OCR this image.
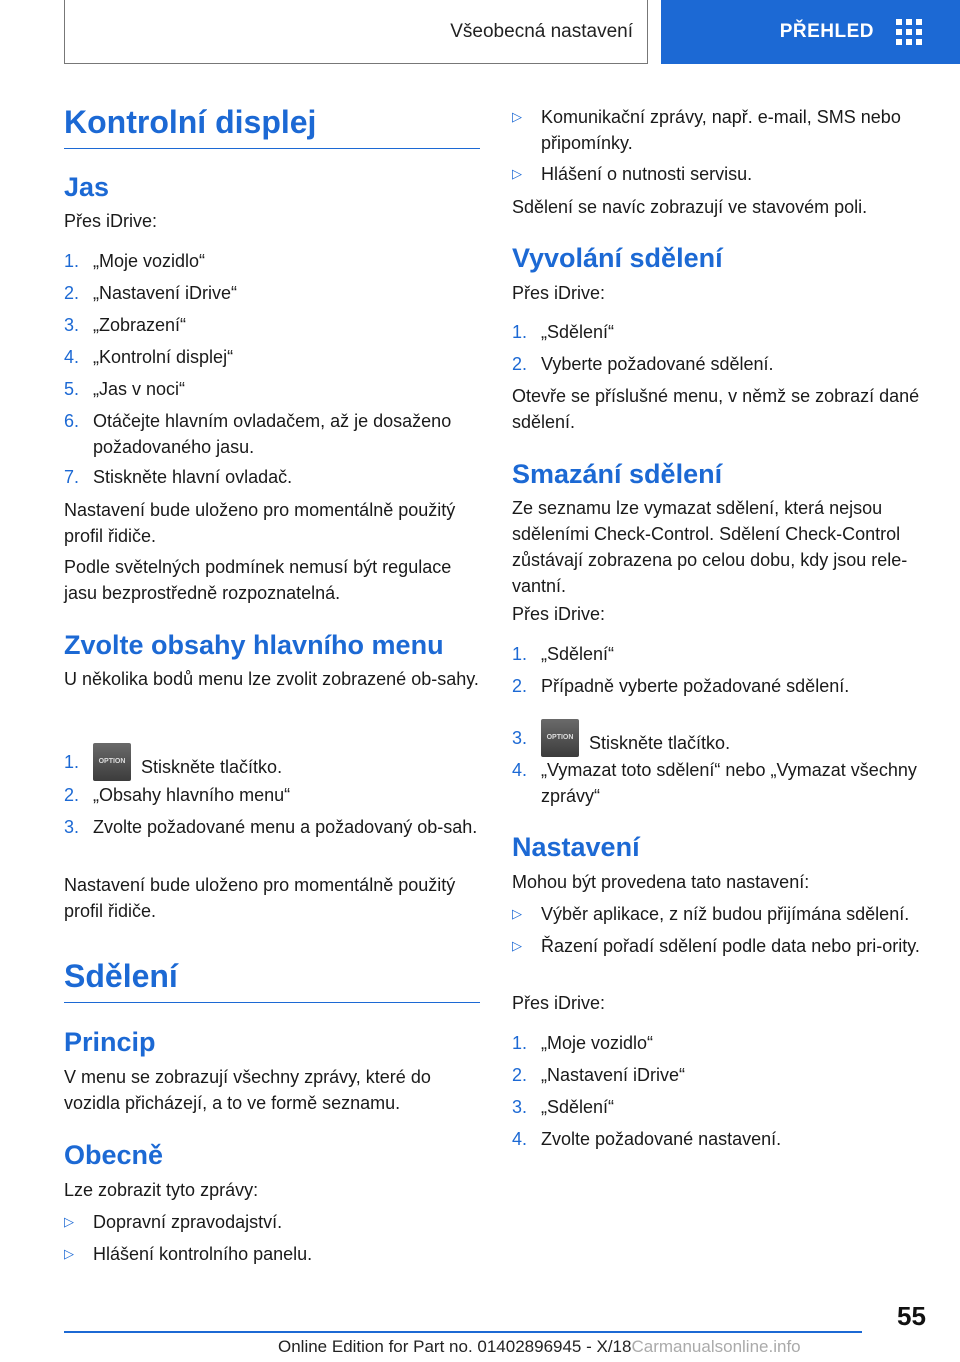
Všeobecná nastavení	PŘEHLED
Kontrolní displej
Jas
Přes iDrive:
1. „Moje vozidlo“
2. „Nastavení iDrive“
3. „Zobrazení“
4. „Kontrolní displej“
5. „Jas v noci“
6. Otáčejte hlavním ovladačem, až je dosaženo požadovaného jasu.
7. Stiskněte hlavní ovladač.
Nastavení bude uloženo pro momentálně použitý profil řidiče.
Podle světelných podmínek nemusí být regulace jasu bezprostředně rozpoznatelná.
Zvolte obsahy hlavního menu
U několika bodů menu lze zvolit zobrazené ob-sahy.
1.	OPTION Stiskněte tlačítko.
2. „Obsahy hlavního menu“
3. Zvolte požadované menu a požadovaný ob-sah.
Nastavení bude uloženo pro momentálně použitý profil řidiče.
Sdělení
Princip
V menu se zobrazují všechny zprávy, které do vozidla přicházejí, a to ve formě seznamu.
Obecně
Lze zobrazit tyto zprávy:
▷ Dopravní zpravodajství.
▷ Hlášení kontrolního panelu.
▷ Komunikační zprávy, např. e-mail, SMS nebo připomínky.
▷ Hlášení o nutnosti servisu.
Sdělení se navíc zobrazují ve stavovém poli.
Vyvolání sdělení
Přes iDrive:
1. „Sdělení“
2. Vyberte požadované sdělení.
Otevře se příslušné menu, v němž se zobrazí dané sdělení.
Smazání sdělení
Ze seznamu lze vymazat sdělení, která nejsou sděleními Check-Control. Sdělení Check-Control zůstávají zobrazena po celou dobu, kdy jsou rele-vantní.
Přes iDrive:
1. „Sdělení“
2. Případně vyberte požadované sdělení.
3.	OPTION Stiskněte tlačítko.
4. „Vymazat toto sdělení“ nebo „Vymazat všechny zprávy“
Nastavení
Mohou být provedena tato nastavení:
▷ Výběr aplikace, z níž budou přijímána sdělení.
▷ Řazení pořadí sdělení podle data nebo pri-ority.
Přes iDrive:
1. „Moje vozidlo“
2. „Nastavení iDrive“
3. „Sdělení“
4. Zvolte požadované nastavení.
55
Online Edition for Part no. 01402896945 - X/18Carmanualsonline.info
